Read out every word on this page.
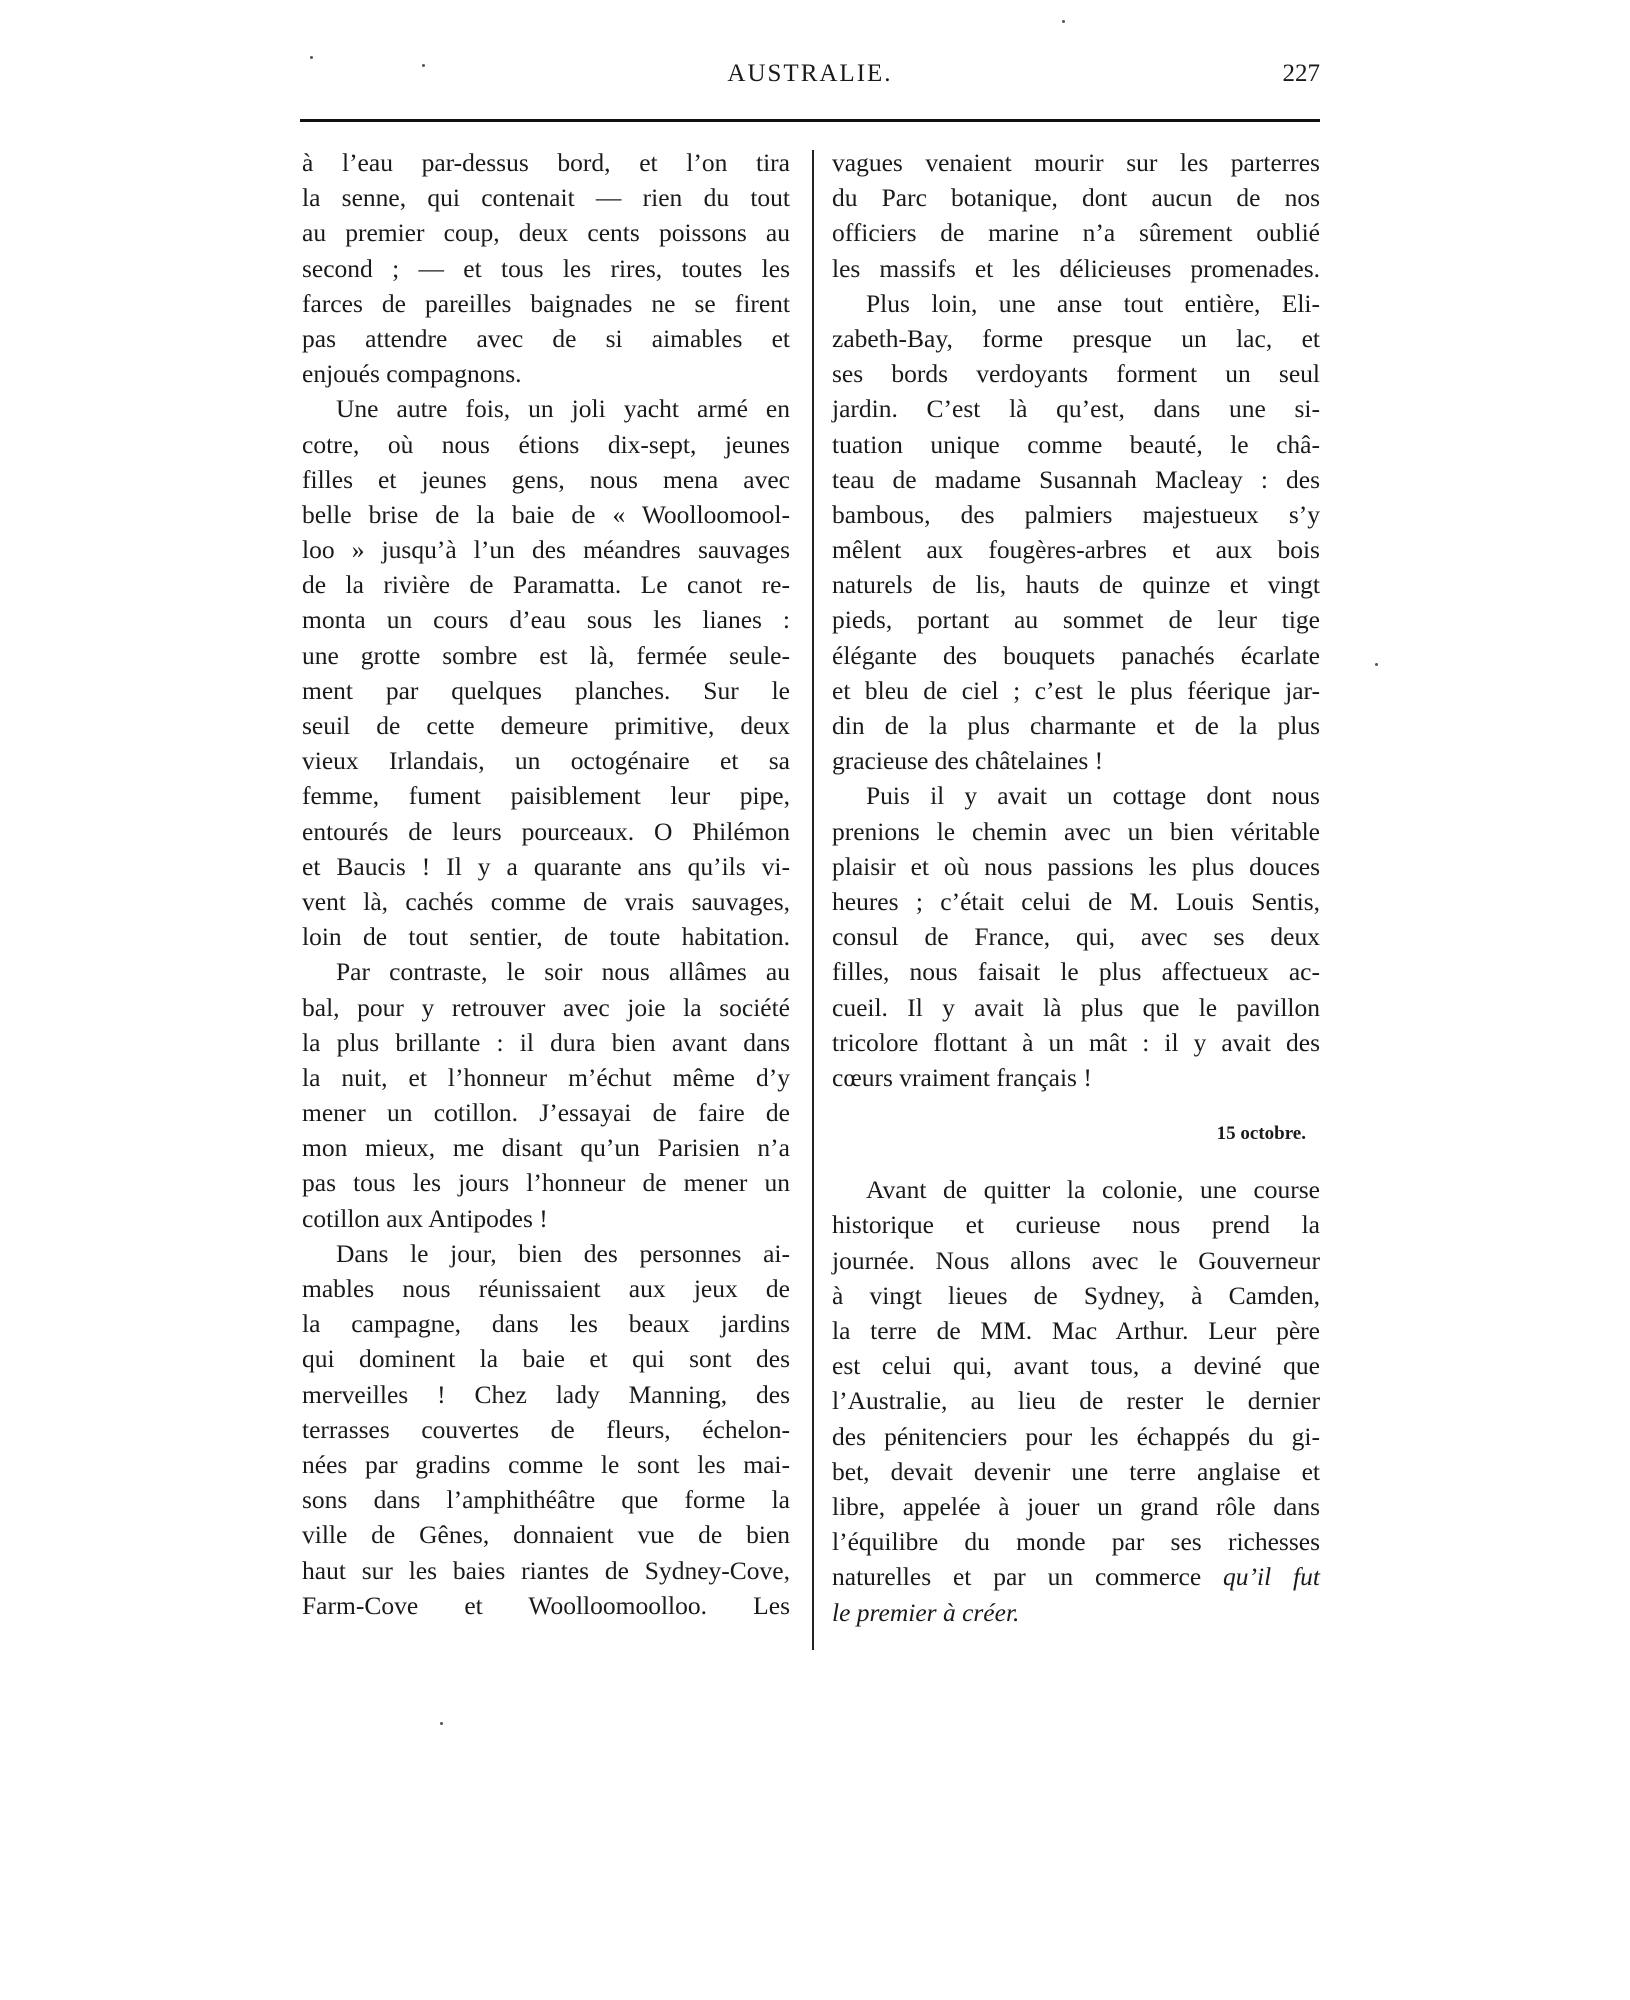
AUSTRALIE.	227
à l’eau par-dessus bord, et l’on tira
la senne, qui contenait — rien du tout
au premier coup, deux cents poissons au
second ; — et tous les rires, toutes les
farces de pareilles baignades ne se firent
pas attendre avec de si aimables et
enjoués compagnons.
Une autre fois, un joli yacht armé en
cotre, où nous étions dix-sept, jeunes
filles et jeunes gens, nous mena avec
belle brise de la baie de « Woolloomool-
loo » jusqu’à l’un des méandres sauvages
de la rivière de Paramatta. Le canot re-
monta un cours d’eau sous les lianes :
une grotte sombre est là, fermée seule-
ment par quelques planches. Sur le
seuil de cette demeure primitive, deux
vieux Irlandais, un octogénaire et sa
femme, fument paisiblement leur pipe,
entourés de leurs pourceaux. O Philémon
et Baucis ! Il y a quarante ans qu’ils vi-
vent là, cachés comme de vrais sauvages,
loin de tout sentier, de toute habitation.
Par contraste, le soir nous allâmes au
bal, pour y retrouver avec joie la société
la plus brillante : il dura bien avant dans
la nuit, et l’honneur m’échut même d’y
mener un cotillon. J’essayai de faire de
mon mieux, me disant qu’un Parisien n’a
pas tous les jours l’honneur de mener un
cotillon aux Antipodes !
Dans le jour, bien des personnes ai-
mables nous réunissaient aux jeux de
la campagne, dans les beaux jardins
qui dominent la baie et qui sont des
merveilles ! Chez lady Manning, des
terrasses couvertes de fleurs, échelon-
nées par gradins comme le sont les mai-
sons dans l’amphithéâtre que forme la
ville de Gênes, donnaient vue de bien
haut sur les baies riantes de Sydney-Cove,
Farm-Cove et Woolloomoolloo. Les
vagues venaient mourir sur les parterres
du Parc botanique, dont aucun de nos
officiers de marine n’a sûrement oublié
les massifs et les délicieuses promenades.
Plus loin, une anse tout entière, Eli-
zabeth-Bay, forme presque un lac, et
ses bords verdoyants forment un seul
jardin. C’est là qu’est, dans une si-
tuation unique comme beauté, le châ-
teau de madame Susannah Macleay : des
bambous, des palmiers majestueux s’y
mêlent aux fougères-arbres et aux bois
naturels de lis, hauts de quinze et vingt
pieds, portant au sommet de leur tige
élégante des bouquets panachés écarlate
et bleu de ciel ; c’est le plus féerique jar-
din de la plus charmante et de la plus
gracieuse des châtelaines !
Puis il y avait un cottage dont nous
prenions le chemin avec un bien véritable
plaisir et où nous passions les plus douces
heures ; c’était celui de M. Louis Sentis,
consul de France, qui, avec ses deux
filles, nous faisait le plus affectueux ac-
cueil. Il y avait là plus que le pavillon
tricolore flottant à un mât : il y avait des
cœurs vraiment français !
15 octobre.
Avant de quitter la colonie, une course
historique et curieuse nous prend la
journée. Nous allons avec le Gouverneur
à vingt lieues de Sydney, à Camden,
la terre de MM. Mac Arthur. Leur père
est celui qui, avant tous, a deviné que
l’Australie, au lieu de rester le dernier
des pénitenciers pour les échappés du gi-
bet, devait devenir une terre anglaise et
libre, appelée à jouer un grand rôle dans
l’équilibre du monde par ses richesses
naturelles et par un commerce qu’il fut
le premier à créer.
